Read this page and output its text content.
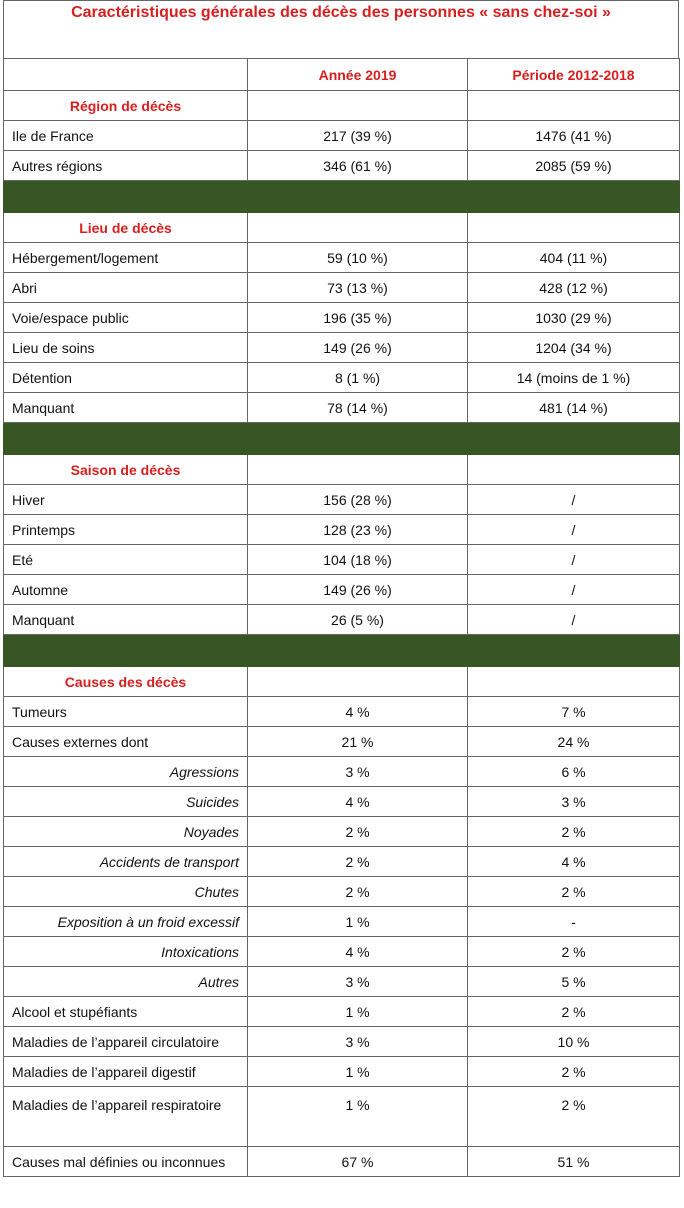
Caractéristiques générales des décès des personnes « sans chez-soi »
	Année 2019	Période 2012-2018
Région de décès		
Ile de France	217 (39 %)	1476 (41 %)
Autres régions	346 (61 %)	2085 (59 %)

Lieu de décès		
Hébergement/logement	59 (10 %)	404 (11 %)
Abri	73 (13 %)	428 (12 %)
Voie/espace public	196 (35 %)	1030 (29 %)
Lieu de soins	149 (26 %)	1204 (34 %)
Détention	8 (1 %)	14 (moins de 1 %)
Manquant	78 (14 %)	481 (14 %)

Saison de décès		
Hiver	156 (28 %)	/
Printemps	128 (23 %)	/
Eté	104 (18 %)	/
Automne	149 (26 %)	/
Manquant	26 (5 %)	/

Causes des décès		
Tumeurs	4 %	7 %
Causes externes dont	21 %	24 %
Agressions	3 %	6 %
Suicides	4 %	3 %
Noyades	2 %	2 %
Accidents de transport	2 %	4 %
Chutes	2 %	2 %
Exposition à un froid excessif	1 %	-
Intoxications	4 %	2 %
Autres	3 %	5 %
Alcool et stupéfiants	1 %	2 %
Maladies de l’appareil circulatoire	3 %	10 %
Maladies de l’appareil digestif	1 %	2 %
Maladies de l’appareil respiratoire	1 %	2 %
Causes mal définies ou inconnues	67 %	51 %
